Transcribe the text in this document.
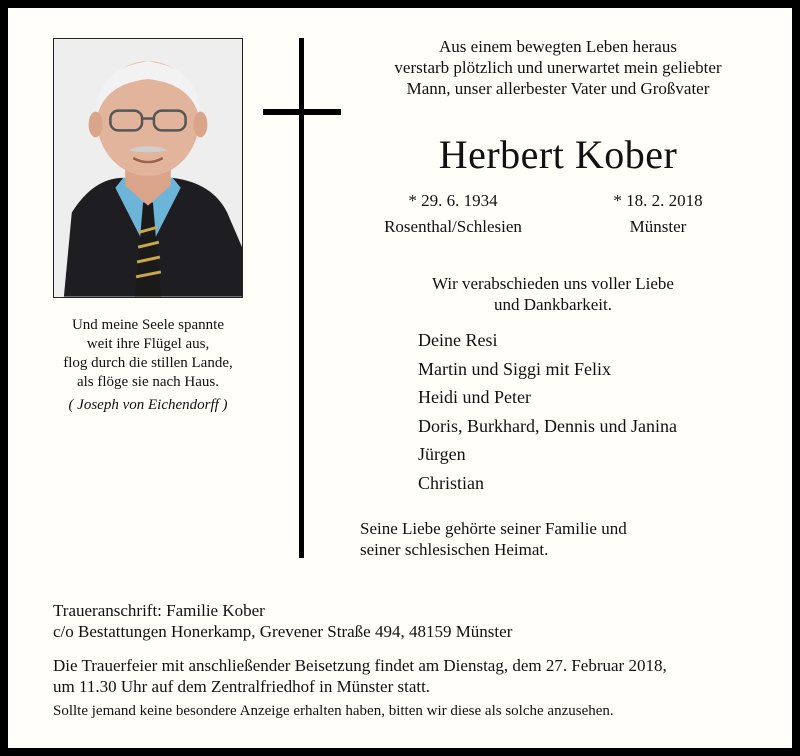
Und meine Seele spannte
weit ihre Flügel aus,
flog durch die stillen Lande,
als flöge sie nach Haus.
( Joseph von Eichendorff )
Aus einem bewegten Leben heraus
verstarb plötzlich und unerwartet mein geliebter
Mann, unser allerbester Vater und Großvater
Herbert Kober
* 29. 6. 1934
Rosenthal/Schlesien
* 18. 2. 2018
Münster
Wir verabschieden uns voller Liebe
und Dankbarkeit.
Deine Resi
Martin und Siggi mit Felix
Heidi und Peter
Doris, Burkhard, Dennis und Janina
Jürgen
Christian
Seine Liebe gehörte seiner Familie und
seiner schlesischen Heimat.
Traueranschrift: Familie Kober
c/o Bestattungen Honerkamp, Grevener Straße 494, 48159 Münster
Die Trauerfeier mit anschließender Beisetzung findet am Dienstag, dem 27. Februar 2018,
um 11.30 Uhr auf dem Zentralfriedhof in Münster statt.
Sollte jemand keine besondere Anzeige erhalten haben, bitten wir diese als solche anzusehen.
